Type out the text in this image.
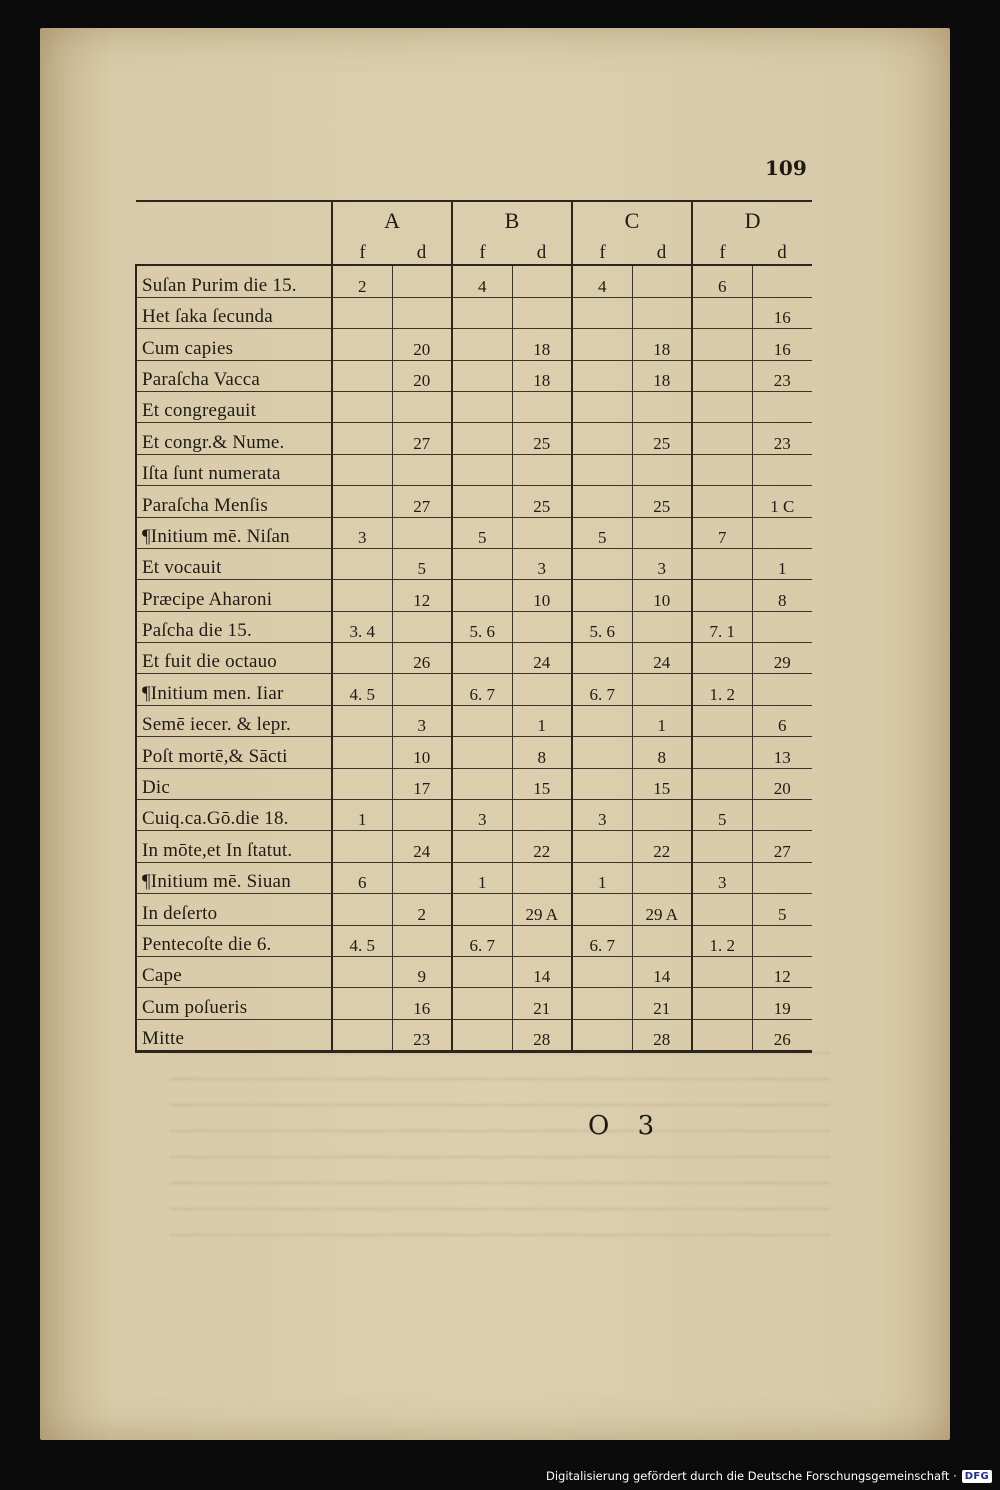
109
	A		B		C		D	
	f	d	f	d	f	d	f	d
Suſan Purim die 15.	2		4		4		6	
Het ſaka ſecunda								16
Cum capies		20		18		18		16
Paraſcha Vacca		20		18		18		23
Et congregauit								
Et congr.& Nume.		27		25		25		23
Iſta ſunt numerata								
Paraſcha Menſis		27		25		25		1 C
¶Initium mē. Niſan	3		5		5		7	
Et vocauit		5		3		3		1
Præcipe Aharoni		12		10		10		8
Paſcha die 15.	3. 4		5. 6		5. 6		7. 1	
Et fuit die octauo		26		24		24		29
¶Initium men. Iiar	4. 5		6. 7		6. 7		1. 2	
Semē iecer. & lepr.		3		1		1		6
Poſt mortē,& Sācti		10		8		8		13
Dic		17		15		15		20
Cuiq.ca.Gō.die 18.	1		3		3		5	
In mōte,et In ſtatut.		24		22		22		27
¶Initium mē. Siuan	6		1		1		3	
In deſerto		2		29 A		29 A		5
Pentecoſte die 6.	4. 5		6. 7		6. 7		1. 2	
Cape		9		14		14		12
Cum poſueris		16		21		21		19
Mitte		23		28		28		26
O 3
Digitalisierung gefördert durch die Deutsche Forschungsgemeinschaft · DFG
